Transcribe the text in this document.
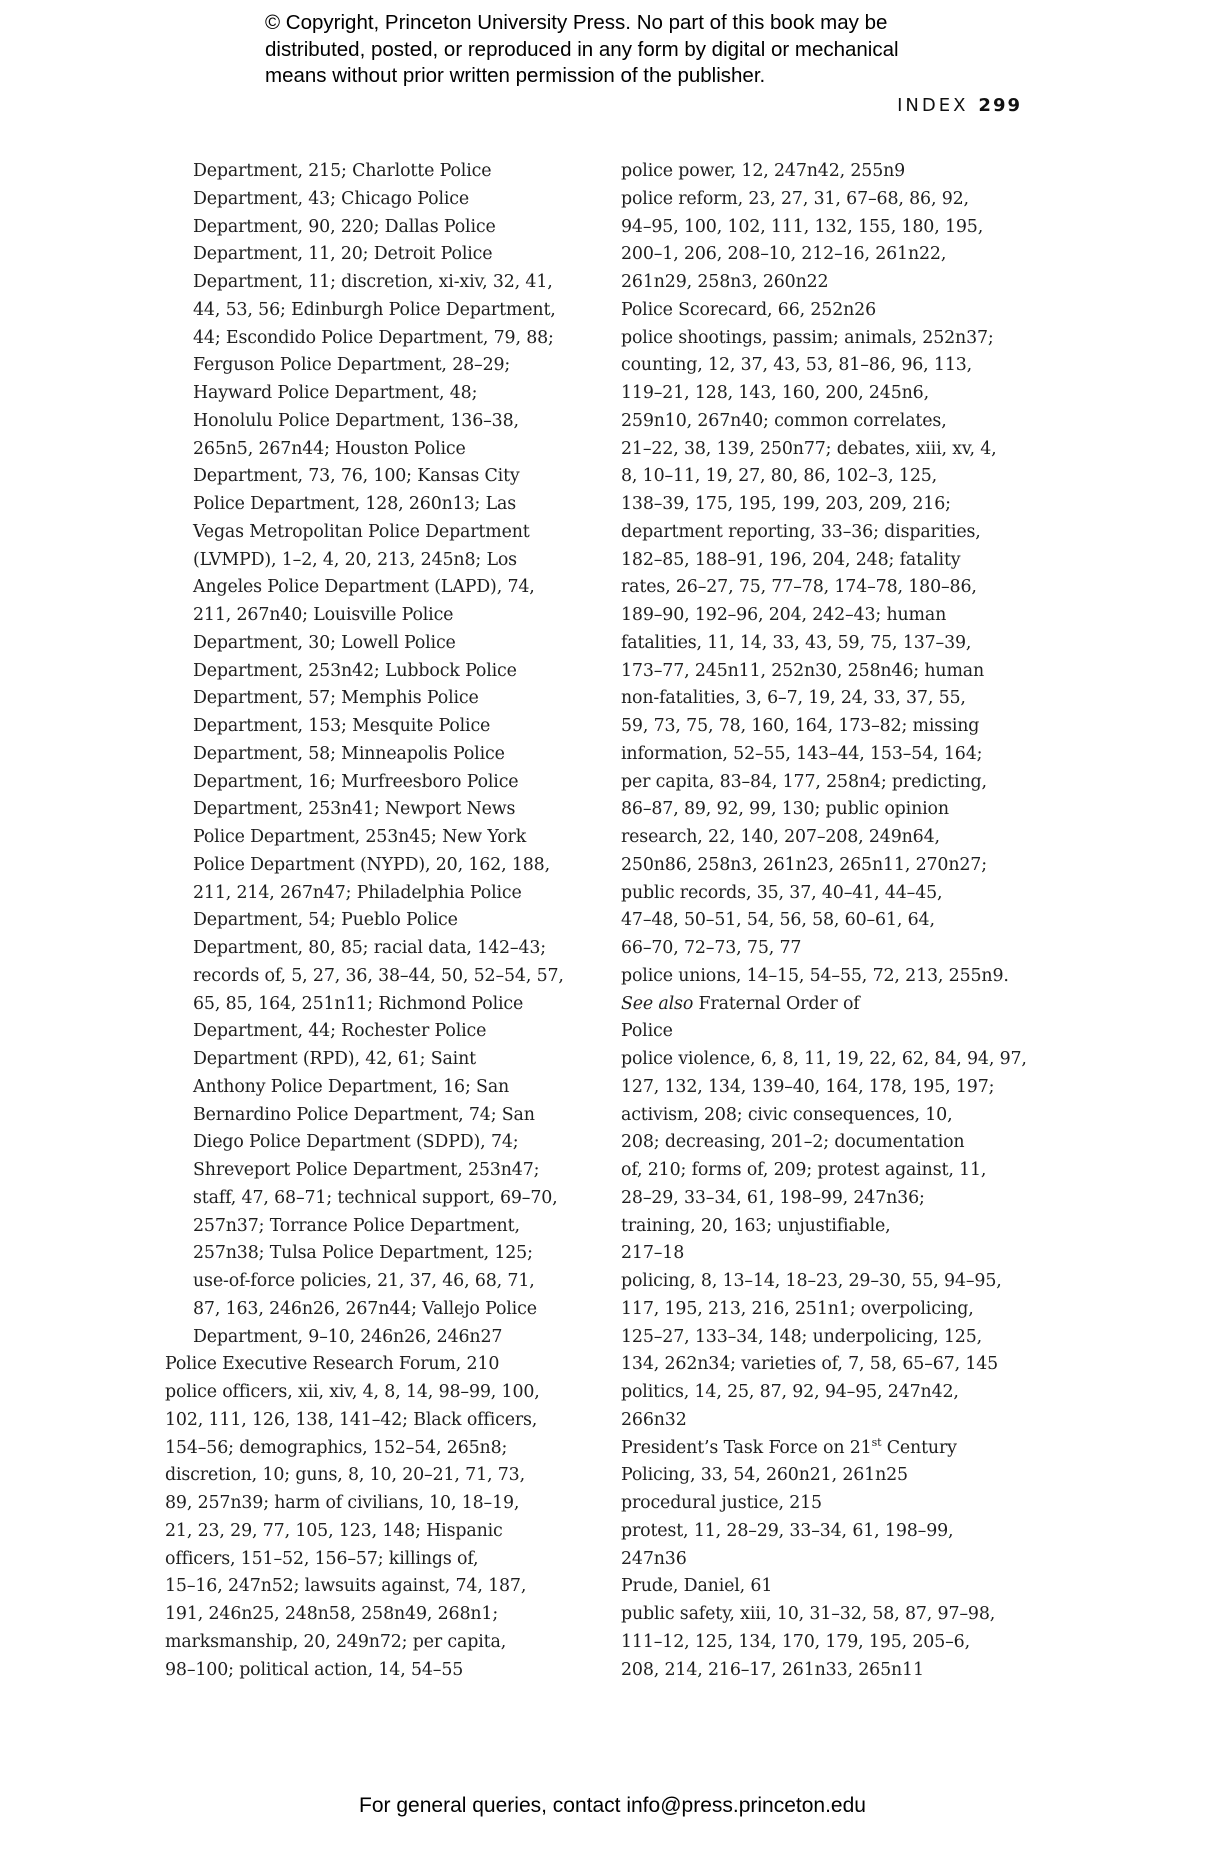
© Copyright, Princeton University Press. No part of this book may be
distributed, posted, or reproduced in any form by digital or mechanical
means without prior written permission of the publisher.
INDEX 299
Department, 215; Charlotte Police
Department, 43; Chicago Police
Department, 90, 220; Dallas Police
Department, 11, 20; Detroit Police
Department, 11; discretion, xi-xiv, 32, 41,
44, 53, 56; Edinburgh Police Department,
44; Escondido Police Department, 79, 88;
Ferguson Police Department, 28–29;
Hayward Police Department, 48;
Honolulu Police Department, 136–38,
265n5, 267n44; Houston Police
Department, 73, 76, 100; Kansas City
Police Department, 128, 260n13; Las
Vegas Metropolitan Police Department
(LVMPD), 1–2, 4, 20, 213, 245n8; Los
Angeles Police Department (LAPD), 74,
211, 267n40; Louisville Police
Department, 30; Lowell Police
Department, 253n42; Lubbock Police
Department, 57; Memphis Police
Department, 153; Mesquite Police
Department, 58; Minneapolis Police
Department, 16; Murfreesboro Police
Department, 253n41; Newport News
Police Department, 253n45; New York
Police Department (NYPD), 20, 162, 188,
211, 214, 267n47; Philadelphia Police
Department, 54; Pueblo Police
Department, 80, 85; racial data, 142–43;
records of, 5, 27, 36, 38–44, 50, 52–54, 57,
65, 85, 164, 251n11; Richmond Police
Department, 44; Rochester Police
Department (RPD), 42, 61; Saint
Anthony Police Department, 16; San
Bernardino Police Department, 74; San
Diego Police Department (SDPD), 74;
Shreveport Police Department, 253n47;
staff, 47, 68–71; technical support, 69–70,
257n37; Torrance Police Department,
257n38; Tulsa Police Department, 125;
use-of-force policies, 21, 37, 46, 68, 71,
87, 163, 246n26, 267n44; Vallejo Police
Department, 9–10, 246n26, 246n27
Police Executive Research Forum, 210
police officers, xii, xiv, 4, 8, 14, 98–99, 100,
102, 111, 126, 138, 141–42; Black officers,
154–56; demographics, 152–54, 265n8;
discretion, 10; guns, 8, 10, 20–21, 71, 73,
89, 257n39; harm of civilians, 10, 18–19,
21, 23, 29, 77, 105, 123, 148; Hispanic
officers, 151–52, 156–57; killings of,
15–16, 247n52; lawsuits against, 74, 187,
191, 246n25, 248n58, 258n49, 268n1;
marksmanship, 20, 249n72; per capita,
98–100; political action, 14, 54–55
police power, 12, 247n42, 255n9
police reform, 23, 27, 31, 67–68, 86, 92,
94–95, 100, 102, 111, 132, 155, 180, 195,
200–1, 206, 208–10, 212–16, 261n22,
261n29, 258n3, 260n22
Police Scorecard, 66, 252n26
police shootings, passim; animals, 252n37;
counting, 12, 37, 43, 53, 81–86, 96, 113,
119–21, 128, 143, 160, 200, 245n6,
259n10, 267n40; common correlates,
21–22, 38, 139, 250n77; debates, xiii, xv, 4,
8, 10–11, 19, 27, 80, 86, 102–3, 125,
138–39, 175, 195, 199, 203, 209, 216;
department reporting, 33–36; disparities,
182–85, 188–91, 196, 204, 248; fatality
rates, 26–27, 75, 77–78, 174–78, 180–86,
189–90, 192–96, 204, 242–43; human
fatalities, 11, 14, 33, 43, 59, 75, 137–39,
173–77, 245n11, 252n30, 258n46; human
non-fatalities, 3, 6–7, 19, 24, 33, 37, 55,
59, 73, 75, 78, 160, 164, 173–82; missing
information, 52–55, 143–44, 153–54, 164;
per capita, 83–84, 177, 258n4; predicting,
86–87, 89, 92, 99, 130; public opinion
research, 22, 140, 207–208, 249n64,
250n86, 258n3, 261n23, 265n11, 270n27;
public records, 35, 37, 40–41, 44–45,
47–48, 50–51, 54, 56, 58, 60–61, 64,
66–70, 72–73, 75, 77
police unions, 14–15, 54–55, 72, 213, 255n9.
See also Fraternal Order of
Police
police violence, 6, 8, 11, 19, 22, 62, 84, 94, 97,
127, 132, 134, 139–40, 164, 178, 195, 197;
activism, 208; civic consequences, 10,
208; decreasing, 201–2; documentation
of, 210; forms of, 209; protest against, 11,
28–29, 33–34, 61, 198–99, 247n36;
training, 20, 163; unjustifiable,
217–18
policing, 8, 13–14, 18–23, 29–30, 55, 94–95,
117, 195, 213, 216, 251n1; overpolicing,
125–27, 133–34, 148; underpolicing, 125,
134, 262n34; varieties of, 7, 58, 65–67, 145
politics, 14, 25, 87, 92, 94–95, 247n42,
266n32
President’s Task Force on 21st Century
Policing, 33, 54, 260n21, 261n25
procedural justice, 215
protest, 11, 28–29, 33–34, 61, 198–99,
247n36
Prude, Daniel, 61
public safety, xiii, 10, 31–32, 58, 87, 97–98,
111–12, 125, 134, 170, 179, 195, 205–6,
208, 214, 216–17, 261n33, 265n11
For general queries, contact info@press.princeton.edu
